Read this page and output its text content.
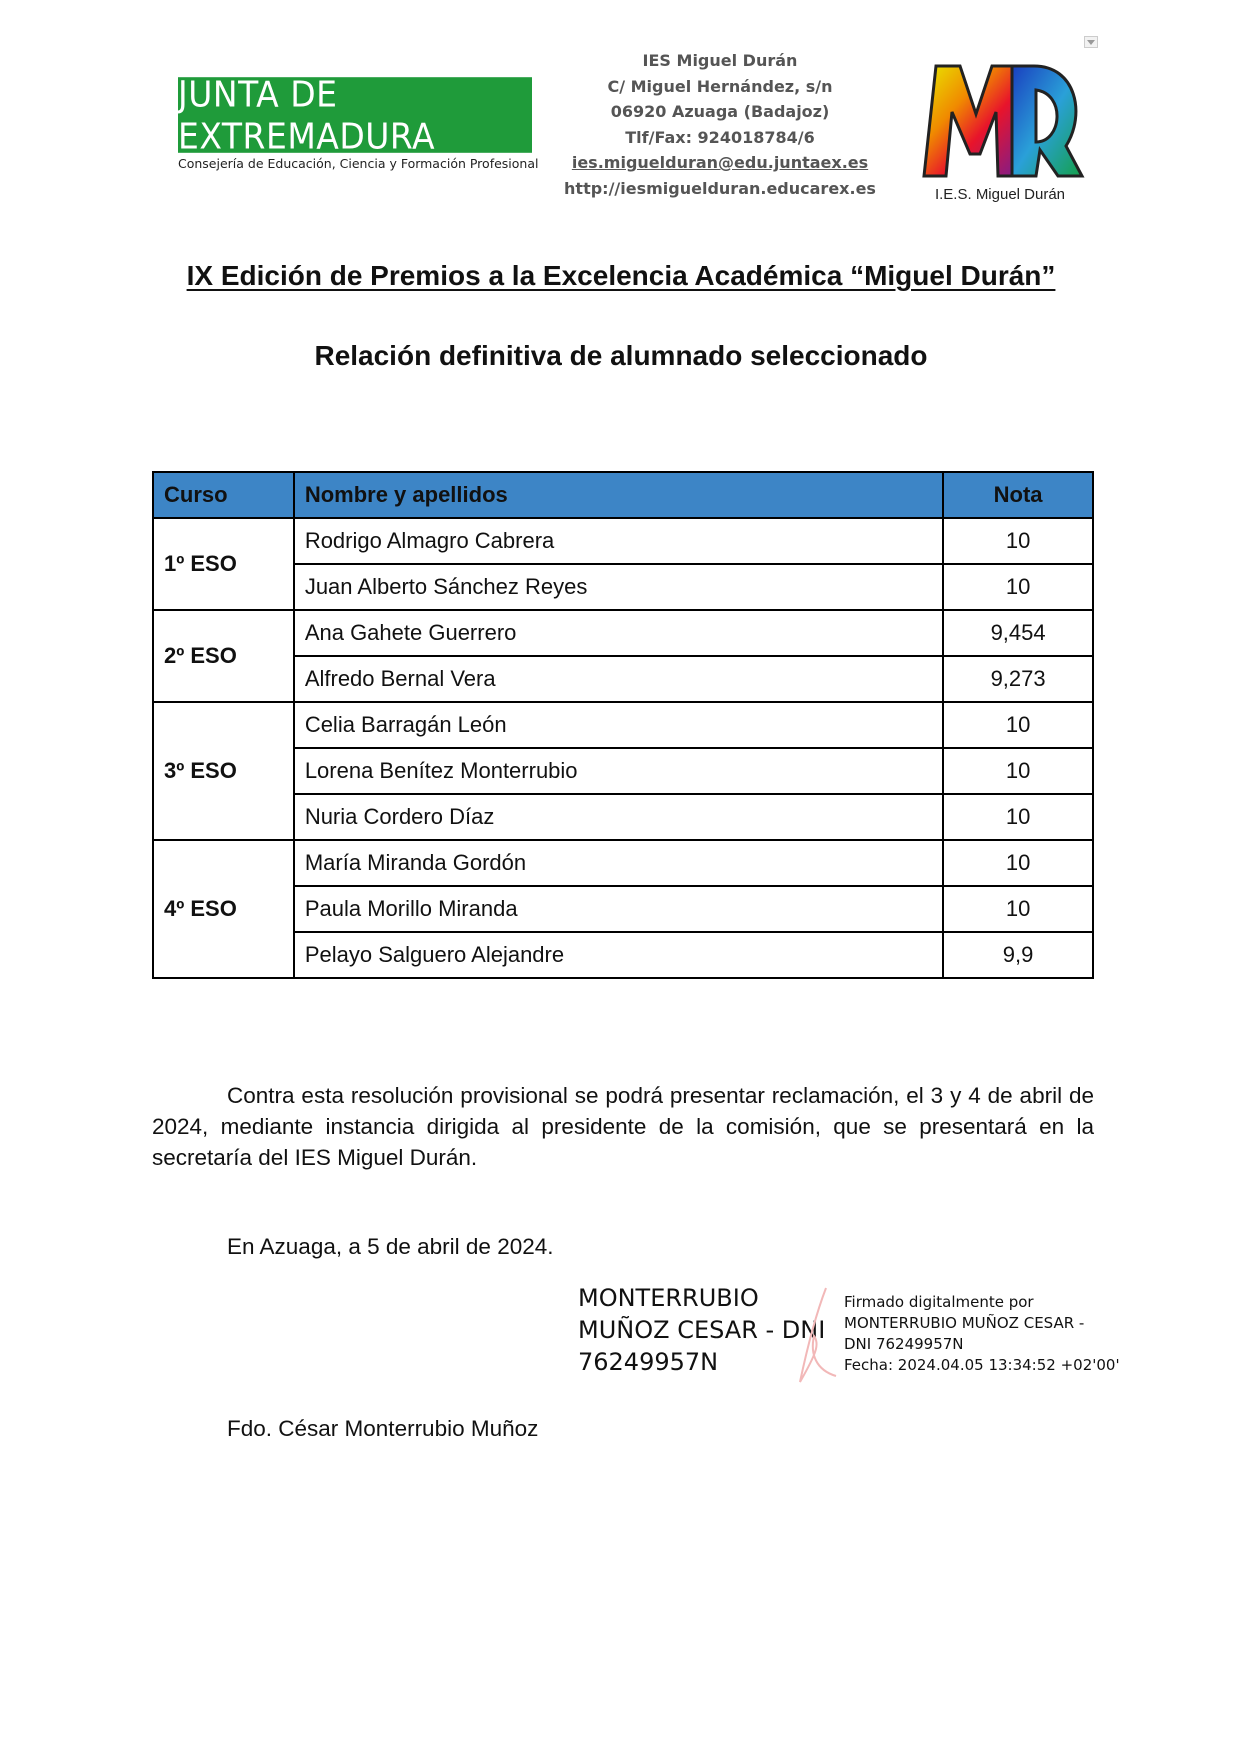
JUNTA DE EXTREMADURA
Consejería de Educación, Ciencia y Formación Profesional
IES Miguel Durán
C/ Miguel Hernández, s/n
06920 Azuaga (Badajoz)
Tlf/Fax: 924018784/6
ies.miguelduran@edu.juntaex.es
http://iesmiguelduran.educarex.es	I.E.S. Miguel Durán
IX Edición de Premios a la Excelencia Académica “Miguel Durán”
Relación definitiva de alumnado seleccionado
Curso	Nombre y apellidos	Nota
1º ESO	Rodrigo Almagro Cabrera	10
	Juan Alberto Sánchez Reyes	10
2º ESO	Ana Gahete Guerrero	9,454
	Alfredo Bernal Vera	9,273
3º ESO	Celia Barragán León	10
	Lorena Benítez Monterrubio	10
	Nuria Cordero Díaz	10
4º ESO	María Miranda Gordón	10
	Paula Morillo Miranda	10
	Pelayo Salguero Alejandre	9,9
Contra esta resolución provisional se podrá presentar reclamación, el 3 y 4 de abril de 2024, mediante instancia dirigida al presidente de la comisión, que se presentará en la secretaría del IES Miguel Durán.
En Azuaga, a 5 de abril de 2024.
MONTERRUBIO
MUÑOZ CESAR - DNI
76249957N
Firmado digitalmente por
MONTERRUBIO MUÑOZ CESAR -
DNI 76249957N
Fecha: 2024.04.05 13:34:52 +02'00'
Fdo. César Monterrubio Muñoz
